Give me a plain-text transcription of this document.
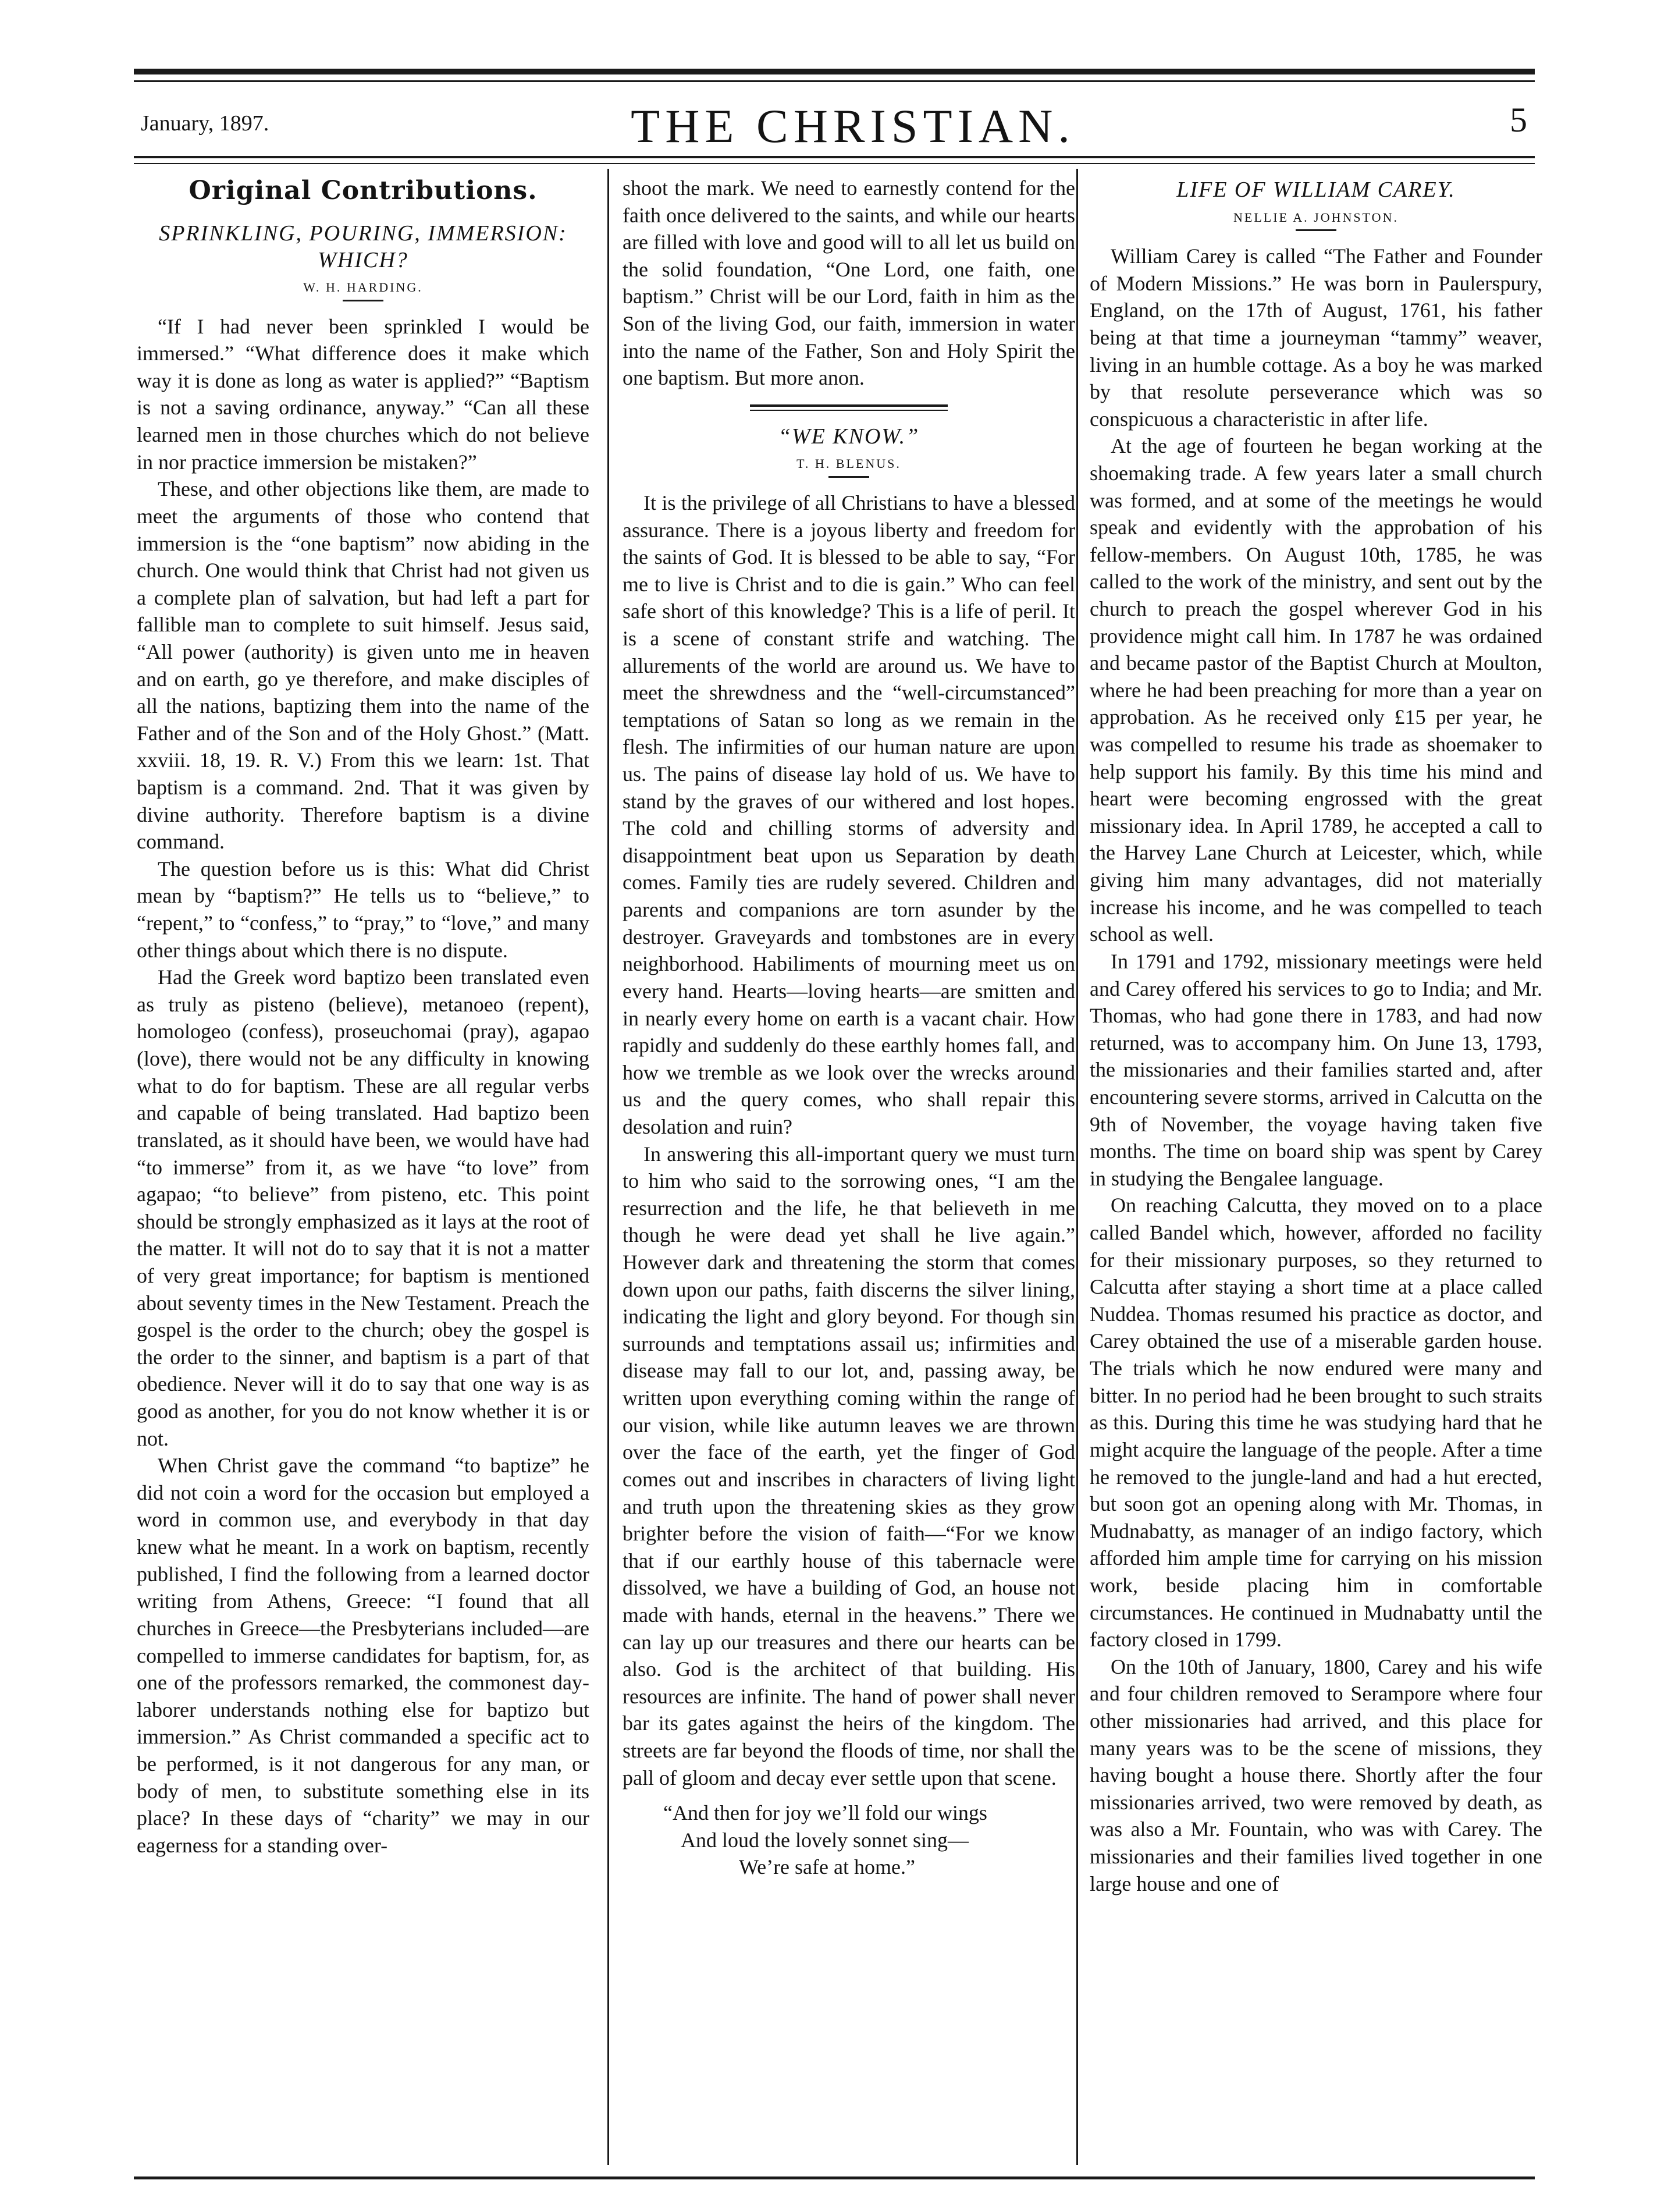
January, 1897.	THE CHRISTIAN.	5
Original Contributions.
SPRINKLING, POURING, IMMERSION: WHICH?
W. H. HARDING.

“If I had never been sprinkled I would be immersed.” “What difference does it make which way it is done as long as water is applied?” “Baptism is not a saving ordinance, anyway.” “Can all these learned men in those churches which do not believe in nor practice immersion be mistaken?”

These, and other objections like them, are made to meet the arguments of those who contend that immersion is the “one baptism” now abiding in the church. One would think that Christ had not given us a complete plan of salvation, but had left a part for fallible man to complete to suit himself. Jesus said, “All power (authority) is given unto me in heaven and on earth, go ye therefore, and make disciples of all the nations, baptizing them into the name of the Father and of the Son and of the Holy Ghost.” (Matt. xxviii. 18, 19. R. V.) From this we learn: 1st. That baptism is a command. 2nd. That it was given by divine authority. Therefore baptism is a divine command.

The question before us is this: What did Christ mean by “baptism?” He tells us to “believe,” to “repent,” to “confess,” to “pray,” to “love,” and many other things about which there is no dispute.

Had the Greek word baptizo been translated even as truly as pisteno (believe), metanoeo (repent), homologeo (confess), proseuchomai (pray), agapao (love), there would not be any difficulty in knowing what to do for baptism. These are all regular verbs and capable of being translated. Had baptizo been translated, as it should have been, we would have had “to immerse” from it, as we have “to love” from agapao; “to believe” from pisteno, etc. This point should be strongly emphasized as it lays at the root of the matter. It will not do to say that it is not a matter of very great importance; for baptism is mentioned about seventy times in the New Testament. Preach the gospel is the order to the church; obey the gospel is the order to the sinner, and baptism is a part of that obedience. Never will it do to say that one way is as good as another, for you do not know whether it is or not.

When Christ gave the command “to baptize” he did not coin a word for the occasion but employed a word in common use, and everybody in that day knew what he meant. In a work on baptism, recently published, I find the following from a learned doctor writing from Athens, Greece: “I found that all churches in Greece—the Presbyterians included—are compelled to immerse candidates for baptism, for, as one of the professors remarked, the commonest day-laborer understands nothing else for baptizo but immersion.” As Christ commanded a specific act to be performed, is it not dangerous for any man, or body of men, to substitute something else in its place? In these days of “charity” we may in our eagerness for a standing over-

shoot the mark. We need to earnestly contend for the faith once delivered to the saints, and while our hearts are filled with love and good will to all let us build on the solid foundation, “One Lord, one faith, one baptism.” Christ will be our Lord, faith in him as the Son of the living God, our faith, immersion in water into the name of the Father, Son and Holy Spirit the one baptism. But more anon.

“WE KNOW.”
T. H. BLENUS.

It is the privilege of all Christians to have a blessed assurance. There is a joyous liberty and freedom for the saints of God. It is blessed to be able to say, “For me to live is Christ and to die is gain.” Who can feel safe short of this knowledge? This is a life of peril. It is a scene of constant strife and watching. The allurements of the world are around us. We have to meet the shrewdness and the “well-circumstanced” temptations of Satan so long as we remain in the flesh. The infirmities of our human nature are upon us. The pains of disease lay hold of us. We have to stand by the graves of our withered and lost hopes. The cold and chilling storms of adversity and disappointment beat upon us Separation by death comes. Family ties are rudely severed. Children and parents and companions are torn asunder by the destroyer. Graveyards and tombstones are in every neighborhood. Habiliments of mourning meet us on every hand. Hearts—loving hearts—are smitten and in nearly every home on earth is a vacant chair. How rapidly and suddenly do these earthly homes fall, and how we tremble as we look over the wrecks around us and the query comes, who shall repair this desolation and ruin?

In answering this all-important query we must turn to him who said to the sorrowing ones, “I am the resurrection and the life, he that believeth in me though he were dead yet shall he live again.” However dark and threatening the storm that comes down upon our paths, faith discerns the silver lining, indicating the light and glory beyond. For though sin surrounds and temptations assail us; infirmities and disease may fall to our lot, and, passing away, be written upon everything coming within the range of our vision, while like autumn leaves we are thrown over the face of the earth, yet the finger of God comes out and inscribes in characters of living light and truth upon the threatening skies as they grow brighter before the vision of faith—“For we know that if our earthly house of this tabernacle were dissolved, we have a building of God, an house not made with hands, eternal in the heavens.” There we can lay up our treasures and there our hearts can be also. God is the architect of that building. His resources are infinite. The hand of power shall never bar its gates against the heirs of the kingdom. The streets are far beyond the floods of time, nor shall the pall of gloom and decay ever settle upon that scene.

“And then for joy we’ll fold our wings
And loud the lovely sonnet sing—
We’re safe at home.”
LIFE OF WILLIAM CAREY.
NELLIE A. JOHNSTON.

William Carey is called “The Father and Founder of Modern Missions.” He was born in Paulerspury, England, on the 17th of August, 1761, his father being at that time a journeyman “tammy” weaver, living in an humble cottage. As a boy he was marked by that resolute perseverance which was so conspicuous a characteristic in after life.

At the age of fourteen he began working at the shoemaking trade. A few years later a small church was formed, and at some of the meetings he would speak and evidently with the approbation of his fellow-members. On August 10th, 1785, he was called to the work of the ministry, and sent out by the church to preach the gospel wherever God in his providence might call him. In 1787 he was ordained and became pastor of the Baptist Church at Moulton, where he had been preaching for more than a year on approbation. As he received only £15 per year, he was compelled to resume his trade as shoemaker to help support his family. By this time his mind and heart were becoming engrossed with the great missionary idea. In April 1789, he accepted a call to the Harvey Lane Church at Leicester, which, while giving him many advantages, did not materially increase his income, and he was compelled to teach school as well.

In 1791 and 1792, missionary meetings were held and Carey offered his services to go to India; and Mr. Thomas, who had gone there in 1783, and had now returned, was to accompany him. On June 13, 1793, the missionaries and their families started and, after encountering severe storms, arrived in Calcutta on the 9th of November, the voyage having taken five months. The time on board ship was spent by Carey in studying the Bengalee language.

On reaching Calcutta, they moved on to a place called Bandel which, however, afforded no facility for their missionary purposes, so they returned to Calcutta after staying a short time at a place called Nuddea. Thomas resumed his practice as doctor, and Carey obtained the use of a miserable garden house. The trials which he now endured were many and bitter. In no period had he been brought to such straits as this. During this time he was studying hard that he might acquire the language of the people. After a time he removed to the jungle-land and had a hut erected, but soon got an opening along with Mr. Thomas, in Mudnabatty, as manager of an indigo factory, which afforded him ample time for carrying on his mission work, beside placing him in comfortable circumstances. He continued in Mudnabatty until the factory closed in 1799.

On the 10th of January, 1800, Carey and his wife and four children removed to Serampore where four other missionaries had arrived, and this place for many years was to be the scene of missions, they having bought a house there. Shortly after the four missionaries arrived, two were removed by death, as was also a Mr. Fountain, who was with Carey. The missionaries and their families lived together in one large house and one of
